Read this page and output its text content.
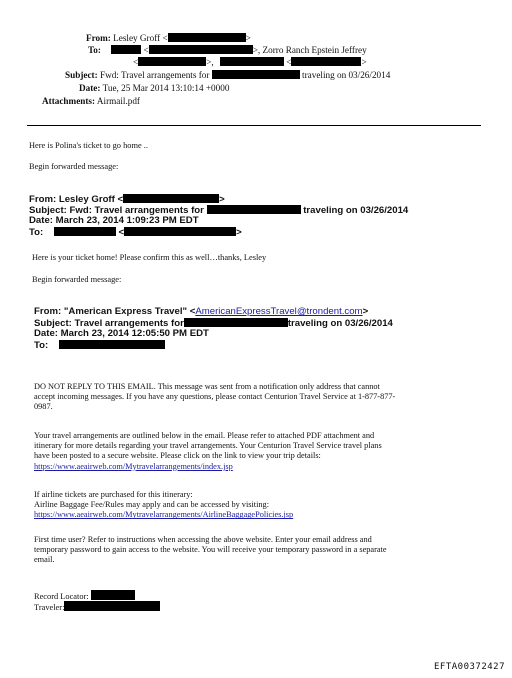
From: Lesley Groff <	>
To:	<	>, Zorro Ranch Epstein Jeffrey
<	>,	<	>
Subject: Fwd: Travel arrangements for	traveling on 03/26/2014
Date: Tue, 25 Mar 2014 13:10:14 +0000
Attachments: Airmail.pdf
Here is Polina's ticket to go home ..
Begin forwarded message:
From: Lesley Groff <	>
Subject: Fwd: Travel arrangements for	traveling on 03/26/2014
Date: March 23, 2014 1:09:23 PM EDT
To:	<	>
Here is your ticket home! Please confirm this as well…thanks, Lesley
Begin forwarded message:
From: "American Express Travel" <AmericanExpressTravel@trondent.com>
Subject: Travel arrangements for	traveling on 03/26/2014
Date: March 23, 2014 12:05:50 PM EDT
To:
DO NOT REPLY TO THIS EMAIL. This message was sent from a notification only address that cannot
accept incoming messages. If you have any questions, please contact Centurion Travel Service at 1-877-877-
0987.
Your travel arrangements are outlined below in the email. Please refer to attached PDF attachment and
itinerary for more details regarding your travel arrangements. Your Centurion Travel Service travel plans
have been posted to a secure website. Please click on the link to view your trip details:
https://www.aeairweb.com/Mytravelarrangements/index.jsp
If airline tickets are purchased for this itinerary:
Airline Baggage Fee/Rules may apply and can be accessed by visiting:
https://www.aeairweb.com/Mytravelarrangements/AirlineBaggagePolicies.jsp
First time user? Refer to instructions when accessing the above website. Enter your email address and
temporary password to gain access to the website. You will receive your temporary password in a separate
email.
Record Locator:
Traveler:
EFTA00372427
